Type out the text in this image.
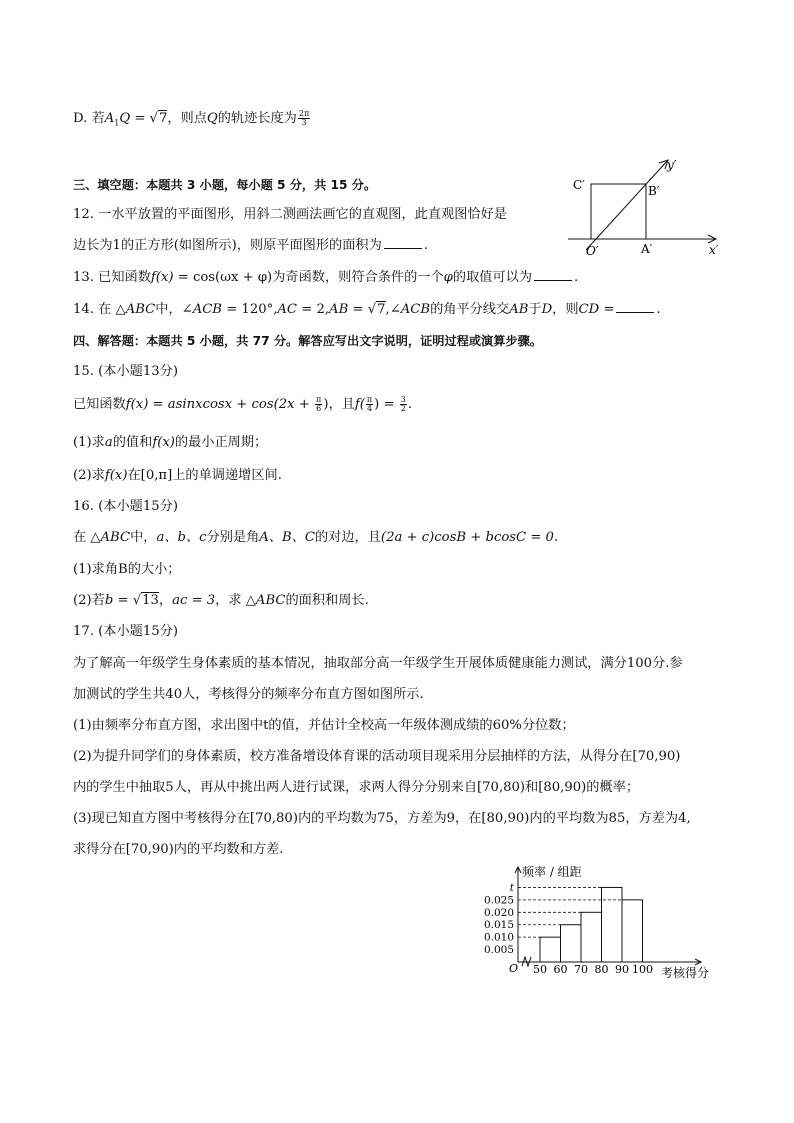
D. 若$A_1Q = √7$，则点Q的轨迹长度为 $\frac{2\pi}{3}$
三、填空题：本题共 3 小题，每小题 5 分，共 15 分。
12. 一水平放置的平面图形，用斜二测画法画它的直观图，此直观图恰好是
边长为1的正方形(如图所示)，则原平面图形的面积为	.
C′	B′
O′	A′	x′
y′
13. 已知函数f(x) = cos(ωx + φ)为奇函数，则符合条件的一个φ的取值可以为	.
14. 在 △ABC中，∠ACB = 120°,AC = 2,AB = √7,∠ACB的角平分线交AB于D，则CD =	.
四、解答题：本题共 5 小题，共 77 分。解答应写出文字说明，证明过程或演算步骤。
15. (本小题13分)
已知函数f(x) = asinxcosx + $\cos(2x + \frac{\pi}{6}$ )，且$f( \frac{\pi}{4}$ ) = $\frac{3}{2}$ .
(1)求a的值和f(x)的最小正周期；
(2)求f(x)在[0,π]上的单调递增区间.
16. (本小题15分)
在 △ABC中，a、b、c分别是角A、B、C的对边，且(2a + c)cosB + bcosC = 0.
(1)求角B的大小；
(2)若b = √13，ac = 3，求 △ABC的面积和周长.
17. (本小题15分)
为了解高一年级学生身体素质的基本情况，抽取部分高一年级学生开展体质健康能力测试，满分100分.参
加测试的学生共40人，考核得分的频率分布直方图如图所示.
(1)由频率分布直方图，求出图中t的值，并估计全校高一年级体测成绩的60%分位数；
(2)为提升同学们的身体素质，校方准备增设体育课的活动项目现采用分层抽样的方法，从得分在[70,90)
内的学生中抽取5人，再从中挑出两人进行试课，求两人得分分别来自[70,80)和[80,90)的概率；
(3)现已知直方图中考核得分在[70,80)内的平均数为75，方差为9，在[80,90)内的平均数为85，方差为4,
求得分在[70,90)内的平均数和方差.
t
0.025
0.020
0.015
0.010
0.005
50 60 70 80 90 100
频率 / 组距
考核得分
O
